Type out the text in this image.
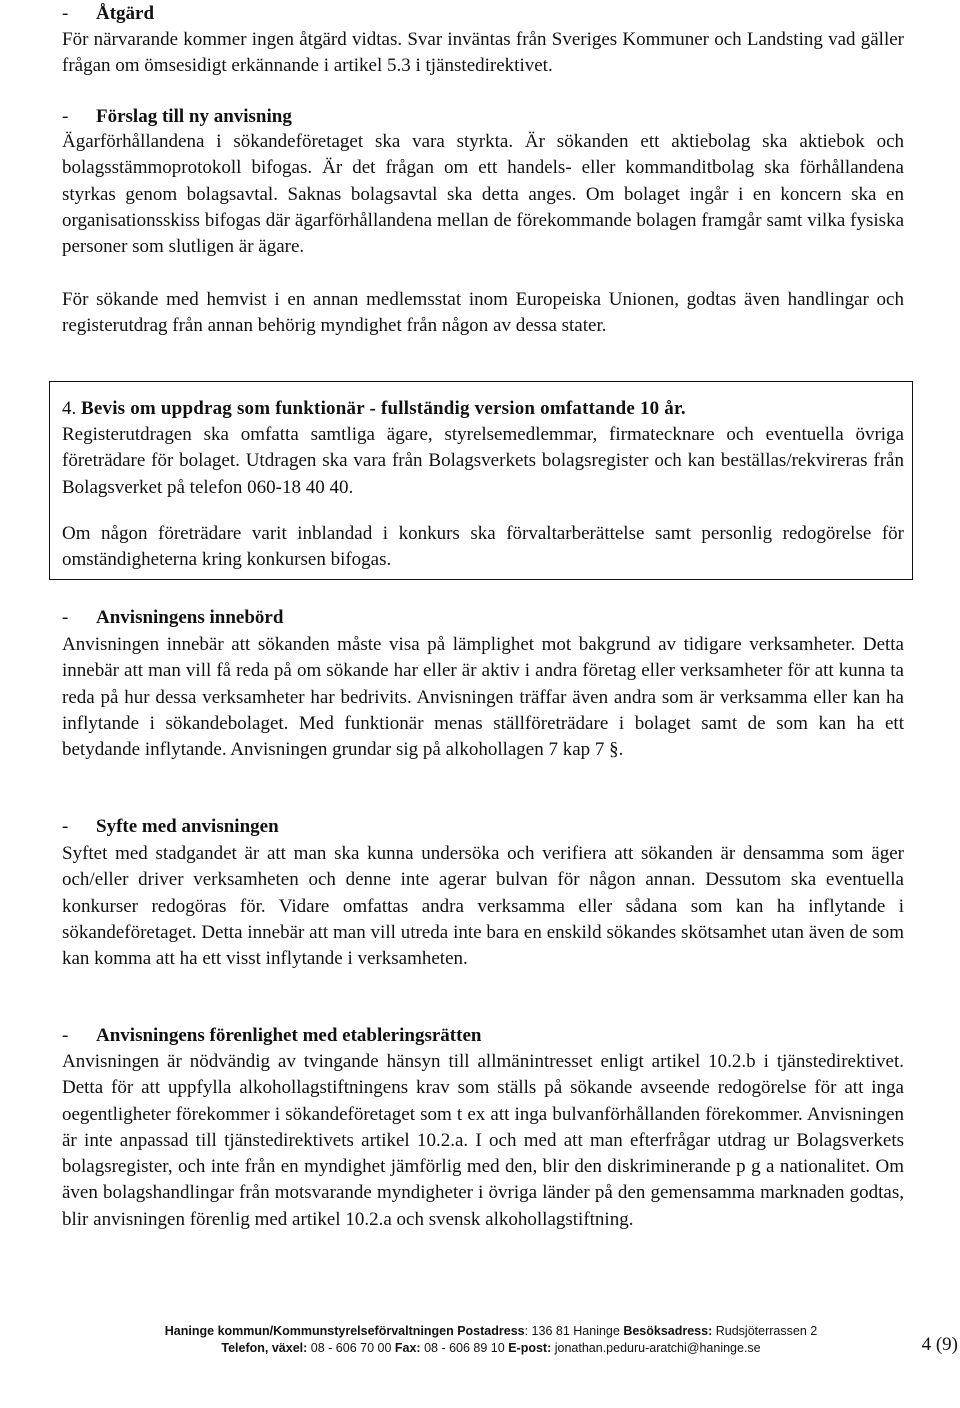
- Åtgärd
För närvarande kommer ingen åtgärd vidtas. Svar inväntas från Sveriges Kommuner och Landsting vad gäller frågan om ömsesidigt erkännande i artikel 5.3 i tjänstedirektivet.
- Förslag till ny anvisning
Ägarförhållandena i sökandeföretaget ska vara styrkta. Är sökanden ett aktiebolag ska aktiebok och bolagsstämmoprotokoll bifogas. Är det frågan om ett handels- eller kommanditbolag ska förhållandena styrkas genom bolagsavtal. Saknas bolagsavtal ska detta anges. Om bolaget ingår i en koncern ska en organisationsskiss bifogas där ägarförhållandena mellan de förekommande bolagen framgår samt vilka fysiska personer som slutligen är ägare.
För sökande med hemvist i en annan medlemsstat inom Europeiska Unionen, godtas även handlingar och registerutdrag från annan behörig myndighet från någon av dessa stater.
- Anvisningens innebörd
Anvisningen innebär att sökanden måste visa på lämplighet mot bakgrund av tidigare verksamheter. Detta innebär att man vill få reda på om sökande har eller är aktiv i andra företag eller verksamheter för att kunna ta reda på hur dessa verksamheter har bedrivits. Anvisningen träffar även andra som är verksamma eller kan ha inflytande i sökandebolaget. Med funktionär menas ställföreträdare i bolaget samt de som kan ha ett betydande inflytande. Anvisningen grundar sig på alkohollagen 7 kap 7 §.
- Syfte med anvisningen
Syftet med stadgandet är att man ska kunna undersöka och verifiera att sökanden är densamma som äger och/eller driver verksamheten och denne inte agerar bulvan för någon annan. Dessutom ska eventuella konkurser redogöras för. Vidare omfattas andra verksamma eller sådana som kan ha inflytande i sökandeföretaget. Detta innebär att man vill utreda inte bara en enskild sökandes skötsamhet utan även de som kan komma att ha ett visst inflytande i verksamheten.
- Anvisningens förenlighet med etableringsrätten
Anvisningen är nödvändig av tvingande hänsyn till allmänintresset enligt artikel 10.2.b i tjänstedirektivet. Detta för att uppfylla alkohollagstiftningens krav som ställs på sökande avseende redogörelse för att inga oegentligheter förekommer i sökandeföretaget som t ex att inga bulvanförhållanden förekommer. Anvisningen är inte anpassad till tjänstedirektivets artikel 10.2.a. I och med att man efterfrågar utdrag ur Bolagsverkets bolagsregister, och inte från en myndighet jämförlig med den, blir den diskriminerande p g a nationalitet. Om även bolagshandlingar från motsvarande myndigheter i övriga länder på den gemensamma marknaden godtas, blir anvisningen förenlig med artikel 10.2.a och svensk alkohollagstiftning.
4. Bevis om uppdrag som funktionär - fullständig version omfattande 10 år.
Registerutdragen ska omfatta samtliga ägare, styrelsemedlemmar, firmatecknare och eventuella övriga företrädare för bolaget. Utdragen ska vara från Bolagsverkets bolagsregister och kan beställas/rekvireras från Bolagsverket på telefon 060-18 40 40.
Om någon företrädare varit inblandad i konkurs ska förvaltarberättelse samt personlig redogörelse för omständigheterna kring konkursen bifogas.
Haninge kommun/Kommunstyrelseförvaltningen Postadress: 136 81 Haninge Besöksadress: Rudsjöterrassen 2
Telefon, växel: 08 - 606 70 00 Fax: 08 - 606 89 10 E-post: jonathan.peduru-aratchi@haninge.se	4 (9)
